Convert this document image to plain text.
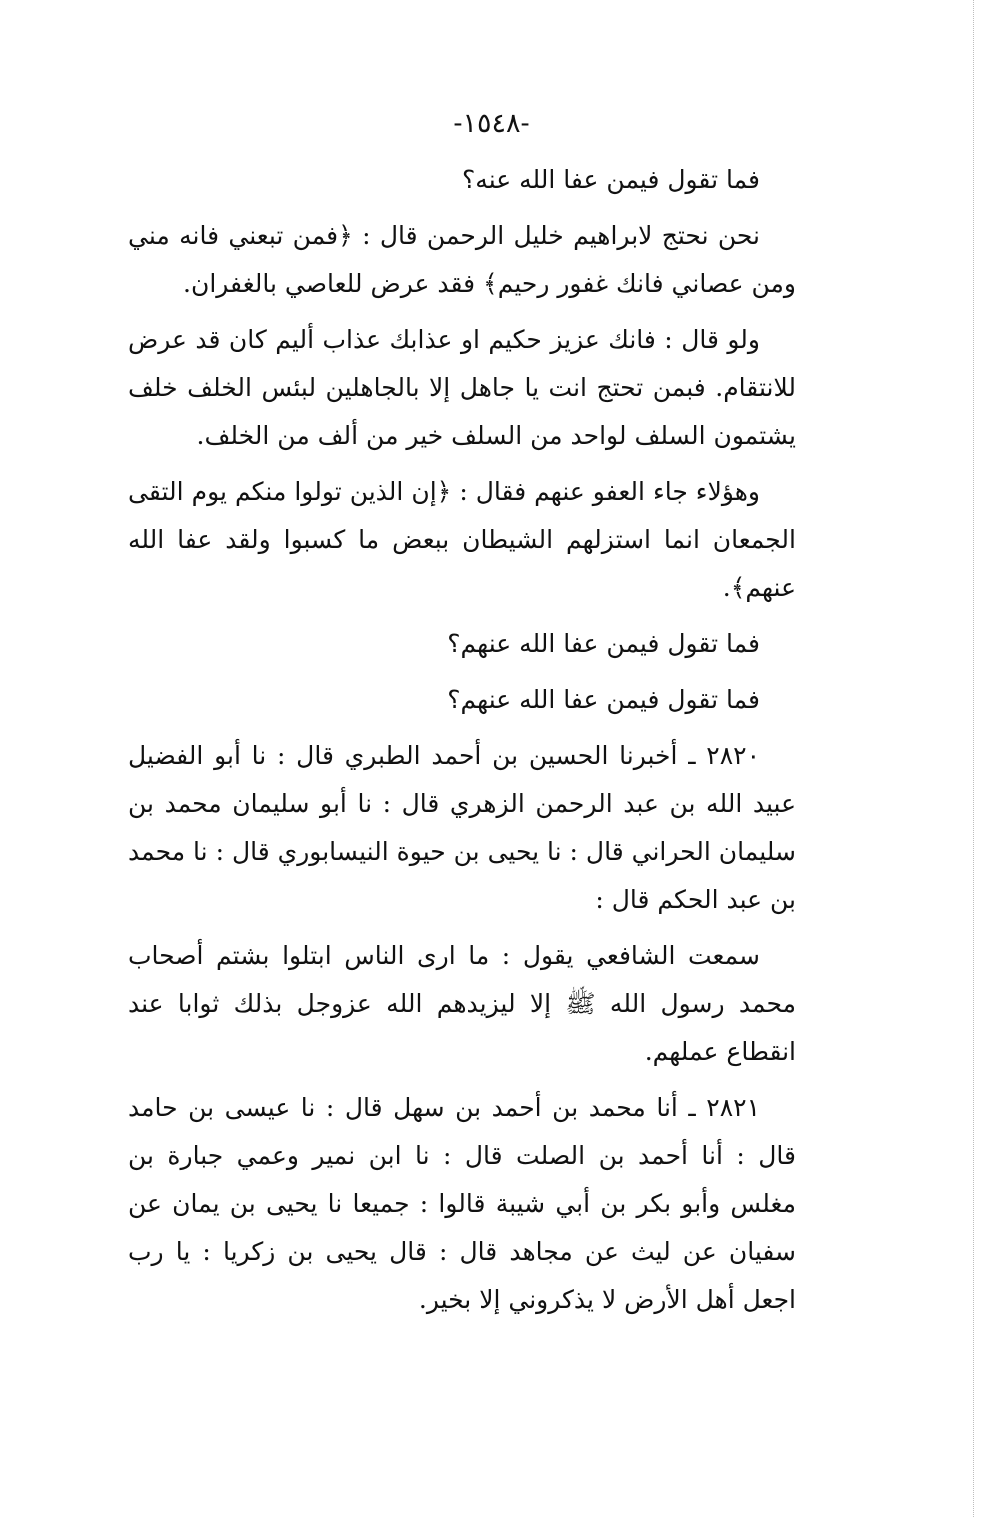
-١٥٤٨-

فما تقول فيمن عفا الله عنه؟

نحن نحتج لابراهيم خليل الرحمن قال : ﴿فمن تبعني فانه مني ومن عصاني فانك غفور رحيم﴾ فقد عرض للعاصي بالغفران.

ولو قال : فانك عزيز حكيم او عذابك عذاب أليم كان قد عرض للانتقام. فبمن تحتج انت يا جاهل إلا بالجاهلين لبئس الخلف خلف يشتمون السلف لواحد من السلف خير من ألف من الخلف.

وهؤلاء جاء العفو عنهم فقال : ﴿إن الذين تولوا منكم يوم التقى الجمعان انما استزلهم الشيطان ببعض ما كسبوا ولقد عفا الله عنهم﴾.

فما تقول فيمن عفا الله عنهم؟

فما تقول فيمن عفا الله عنهم؟

٢٨٢٠ ـ أخبرنا الحسين بن أحمد الطبري قال : نا أبو الفضيل عبيد الله بن عبد الرحمن الزهري قال : نا أبو سليمان محمد بن سليمان الحراني قال : نا يحيى بن حيوة النيسابوري قال : نا محمد بن عبد الحكم قال :

سمعت الشافعي يقول : ما ارى الناس ابتلوا بشتم أصحاب محمد رسول الله ﷺ إلا ليزيدهم الله عزوجل بذلك ثوابا عند انقطاع عملهم.

٢٨٢١ ـ أنا محمد بن أحمد بن سهل قال : نا عيسى بن حامد قال : أنا أحمد بن الصلت قال : نا ابن نمير وعمي جبارة بن مغلس وأبو بكر بن أبي شيبة قالوا : جميعا نا يحيى بن يمان عن سفيان عن ليث عن مجاهد قال : قال يحيى بن زكريا : يا رب اجعل أهل الأرض لا يذكروني إلا بخير.
